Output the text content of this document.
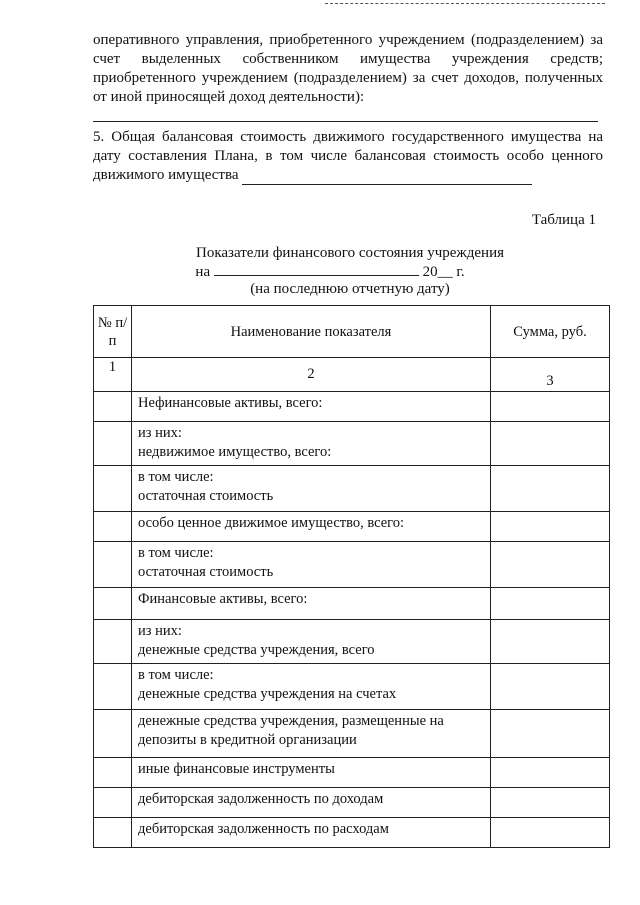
оперативного управления, приобретенного учреждением (подразделением) за счет выделенных собственником имущества учреждения средств; приобретенного учреждением (подразделением) за счет доходов, полученных от иной приносящей доход деятельности):
5. Общая балансовая стоимость движимого государственного имущества на дату составления Плана, в том числе балансовая стоимость особо ценного движимого имущества
Таблица 1
Показатели финансового состояния учреждения
на	20__ г.
(на последнюю отчетную дату)
№ п/п	Наименование показателя	Сумма, руб.
1	2	3
	Нефинансовые активы, всего:	
	из них:
недвижимое имущество, всего:	
	в том числе:
остаточная стоимость	
	особо ценное движимое имущество, всего:	
	в том числе:
остаточная стоимость	
	Финансовые активы, всего:	
	из них:
денежные средства учреждения, всего	
	в том числе:
денежные средства учреждения на счетах	
	денежные средства учреждения, размещенные на депозиты в кредитной организации	
	иные финансовые инструменты	
	дебиторская задолженность по доходам	
	дебиторская задолженность по расходам	
